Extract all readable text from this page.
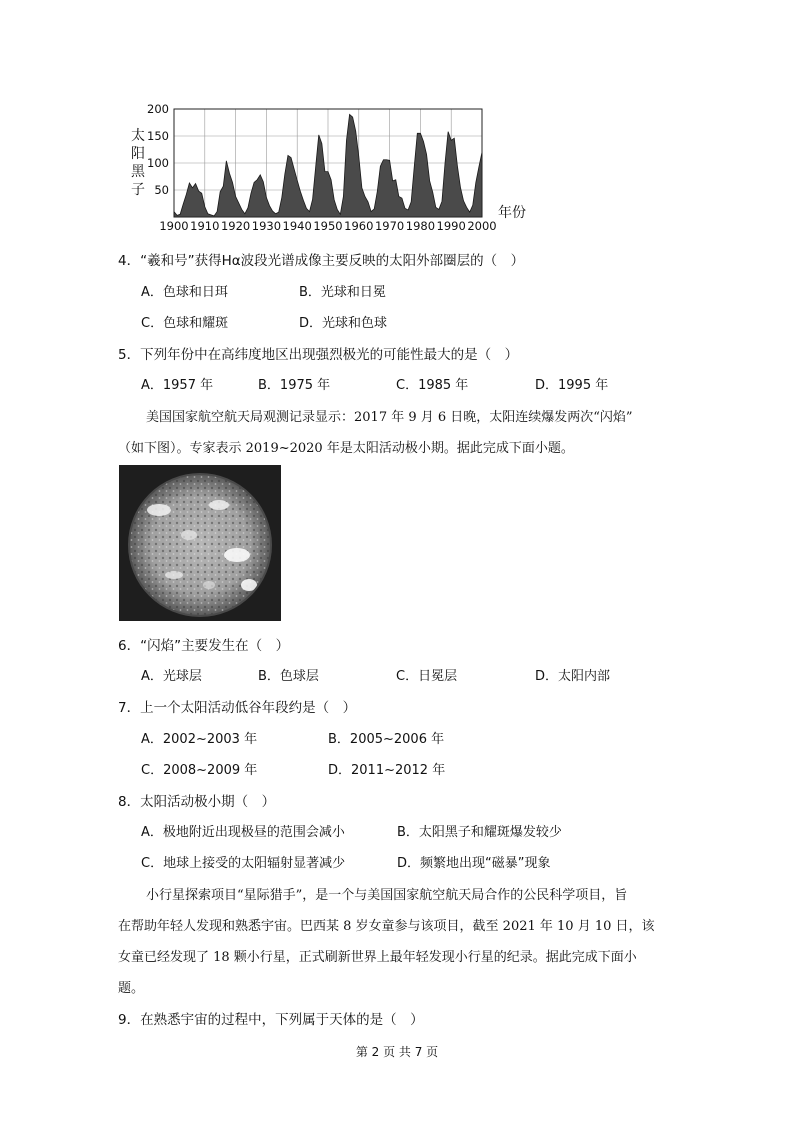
50
100
150
200
1900 1910 1920 1930 1940 1950 1960 1970 1980 1990 2000
太
阳
黑
子
年份
4．“羲和号”获得Hα波段光谱成像主要反映的太阳外部圈层的（　）
A．色球和日珥	B．光球和日冕
C．色球和耀斑	D．光球和色球
5．下列年份中在高纬度地区出现强烈极光的可能性最大的是（　）
A．1957 年	B．1975 年	C．1985 年	D．1995 年
美国国家航空航天局观测记录显示：2017 年 9 月 6 日晚，太阳连续爆发两次“闪焰”
（如下图）。专家表示 2019~2020 年是太阳活动极小期。据此完成下面小题。
6．“闪焰”主要发生在（　）
A．光球层	B．色球层	C．日冕层	D．太阳内部
7．上一个太阳活动低谷年段约是（　）
A．2002~2003 年	B．2005~2006 年
C．2008~2009 年	D．2011~2012 年
8．太阳活动极小期（　）
A．极地附近出现极昼的范围会减小	B．太阳黑子和耀斑爆发较少
C．地球上接受的太阳辐射显著减少	D．频繁地出现“磁暴”现象
小行星探索项目“星际猎手”，是一个与美国国家航空航天局合作的公民科学项目，旨
在帮助年轻人发现和熟悉宇宙。巴西某 8 岁女童参与该项目，截至 2021 年 10 月 10 日，该
女童已经发现了 18 颗小行星，正式刷新世界上最年轻发现小行星的纪录。据此完成下面小
题。
9．在熟悉宇宙的过程中，下列属于天体的是（　）
第 2 页 共 7 页
